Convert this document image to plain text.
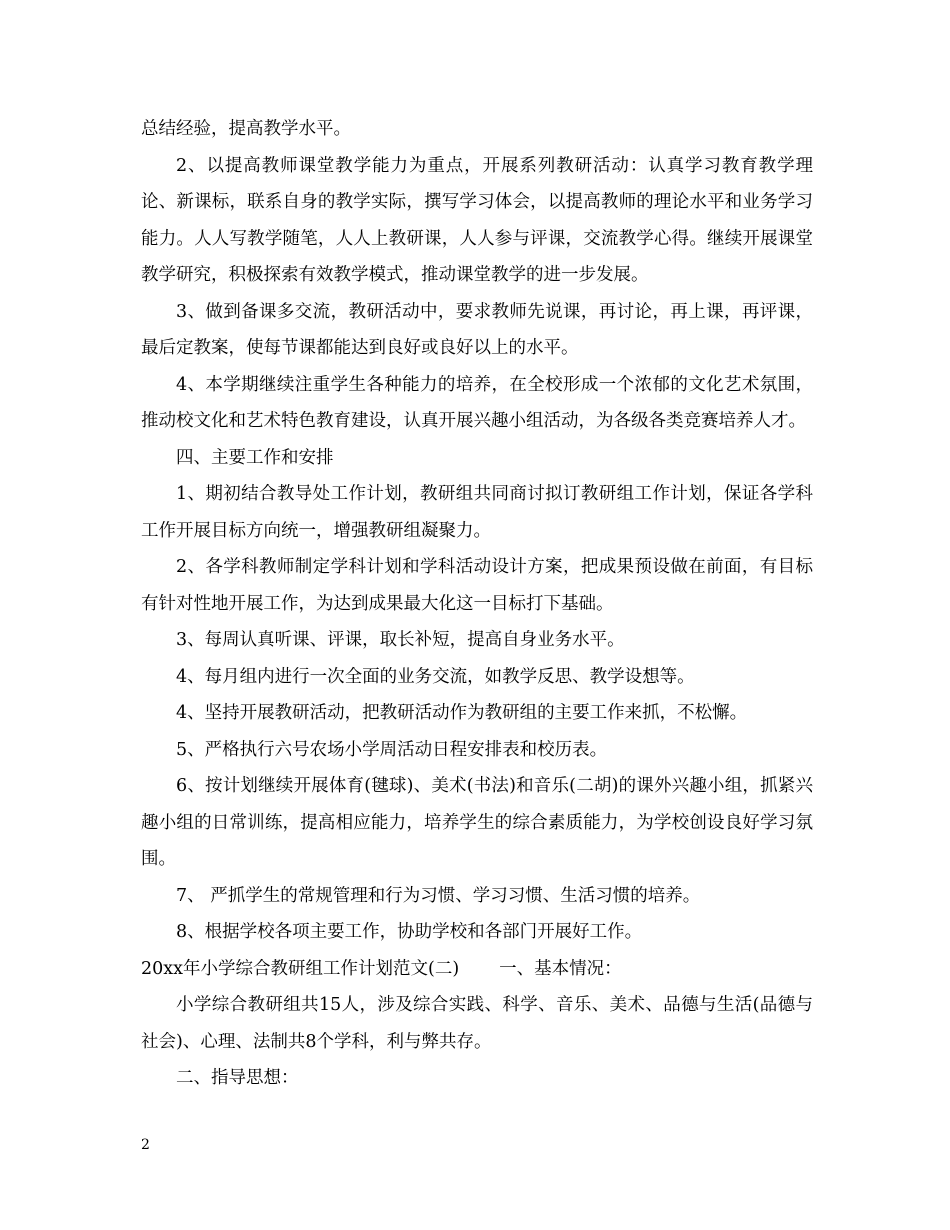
总结经验，提高教学水平。

2、以提高教师课堂教学能力为重点，开展系列教研活动：认真学习教育教学理论、新课标，联系自身的教学实际，撰写学习体会，以提高教师的理论水平和业务学习能力。人人写教学随笔，人人上教研课，人人参与评课，交流教学心得。继续开展课堂教学研究，积极探索有效教学模式，推动课堂教学的进一步发展。

3、做到备课多交流，教研活动中，要求教师先说课，再讨论，再上课，再评课，最后定教案，使每节课都能达到良好或良好以上的水平。

4、本学期继续注重学生各种能力的培养，在全校形成一个浓郁的文化艺术氛围，推动校文化和艺术特色教育建设，认真开展兴趣小组活动，为各级各类竞赛培养人才。

四、主要工作和安排

1、期初结合教导处工作计划，教研组共同商讨拟订教研组工作计划，保证各学科工作开展目标方向统一，增强教研组凝聚力。

2、各学科教师制定学科计划和学科活动设计方案，把成果预设做在前面，有目标有针对性地开展工作，为达到成果最大化这一目标打下基础。

3、每周认真听课、评课，取长补短，提高自身业务水平。

4、每月组内进行一次全面的业务交流，如教学反思、教学设想等。

4、坚持开展教研活动，把教研活动作为教研组的主要工作来抓，不松懈。

5、严格执行六号农场小学周活动日程安排表和校历表。

6、按计划继续开展体育(毽球)、美术(书法)和音乐(二胡)的课外兴趣小组，抓紧兴趣小组的日常训练，提高相应能力，培养学生的综合素质能力，为学校创设良好学习氛围。

7、 严抓学生的常规管理和行为习惯、学习习惯、生活习惯的培养。

8、根据学校各项主要工作，协助学校和各部门开展好工作。

20xx年小学综合教研组工作计划范文(二) 一、基本情况：

小学综合教研组共15人，涉及综合实践、科学、音乐、美术、品德与生活(品德与社会)、心理、法制共8个学科，利与弊共存。

二、指导思想：

2
